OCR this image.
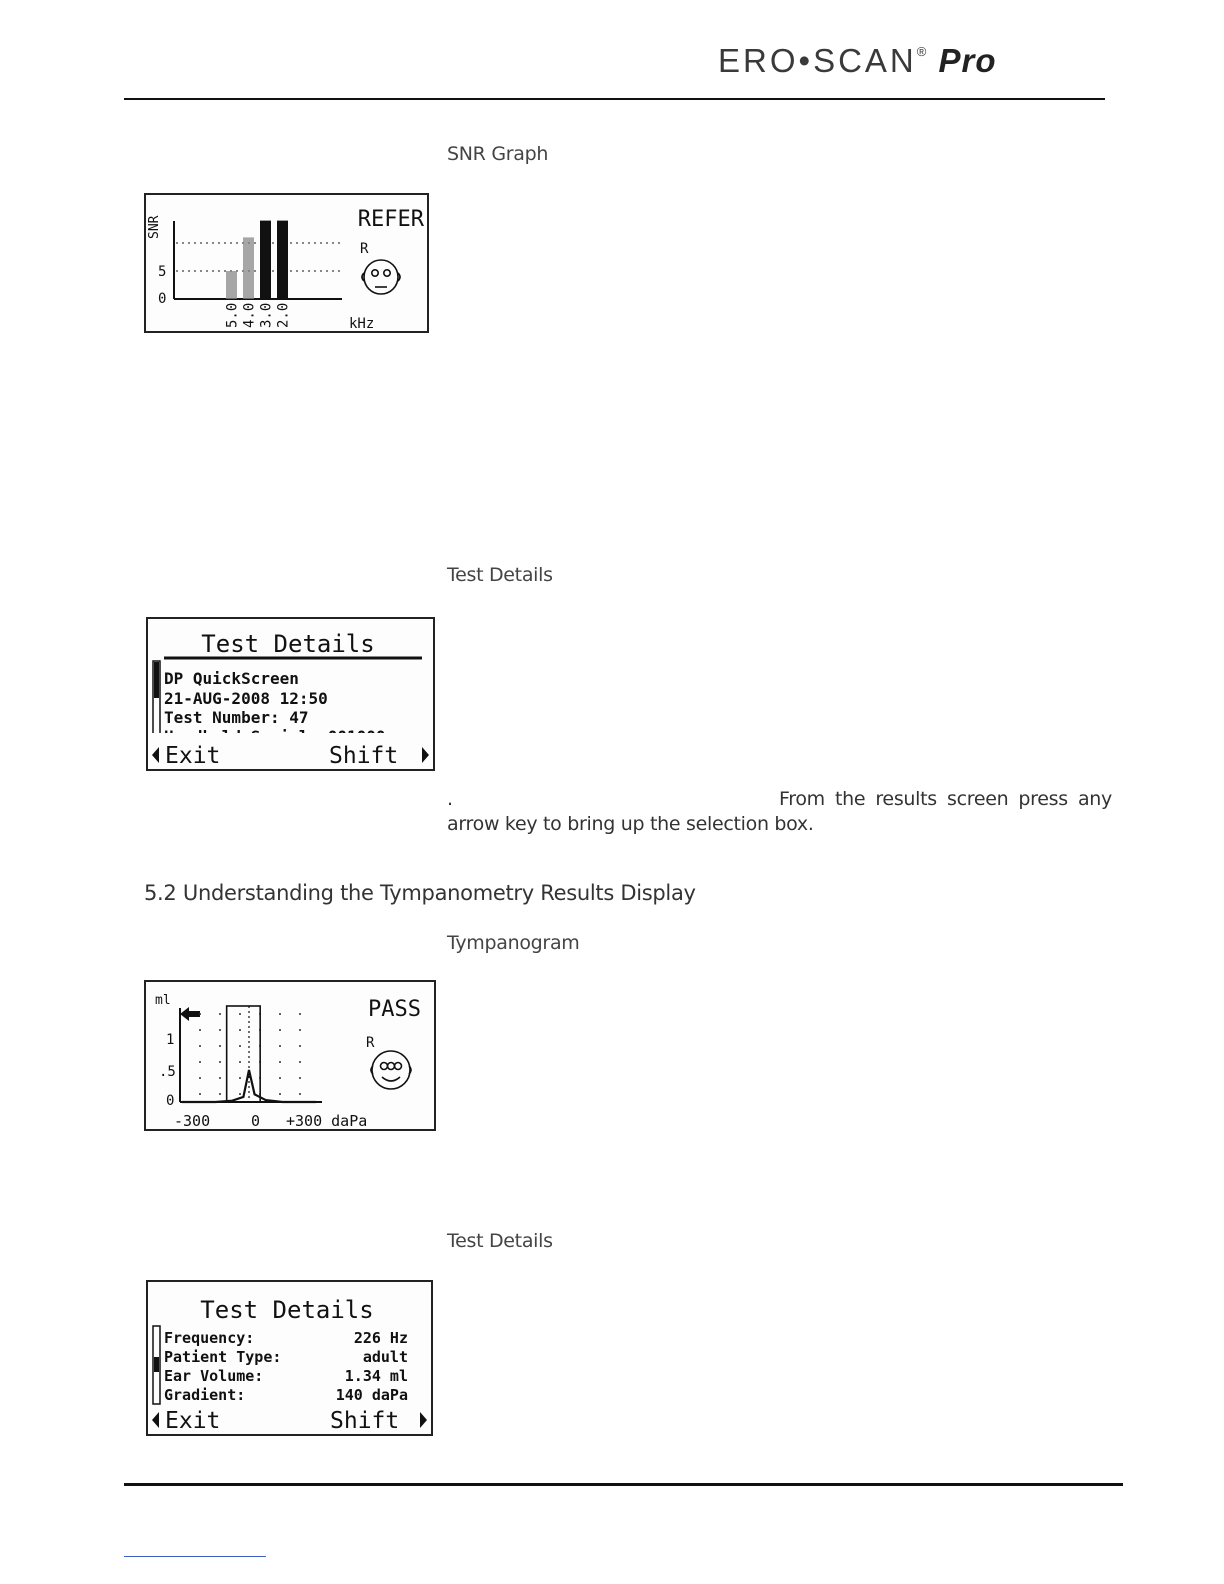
ERO•SCAN® Pro
SNR Graph
SNR
5
0
5.0 4.0 3.0 2.0
REFER
R
kHz
Test Details
Test Details
DP QuickScreen
21-AUG-2008 12:50
Test Number: 47
Exit	Shift
.	From the results screen press any arrow key to bring up the selection box.
5.2 Understanding the Tympanometry Results Display
Tympanogram
ml
1
.5
0
-300	0 +300 daPa
PASS
R
Test Details
Test Details
Frequency:	226 Hz
Patient Type:	adult
Ear Volume:	1.34 ml
Gradient:	140 daPa
Exit	Shift
